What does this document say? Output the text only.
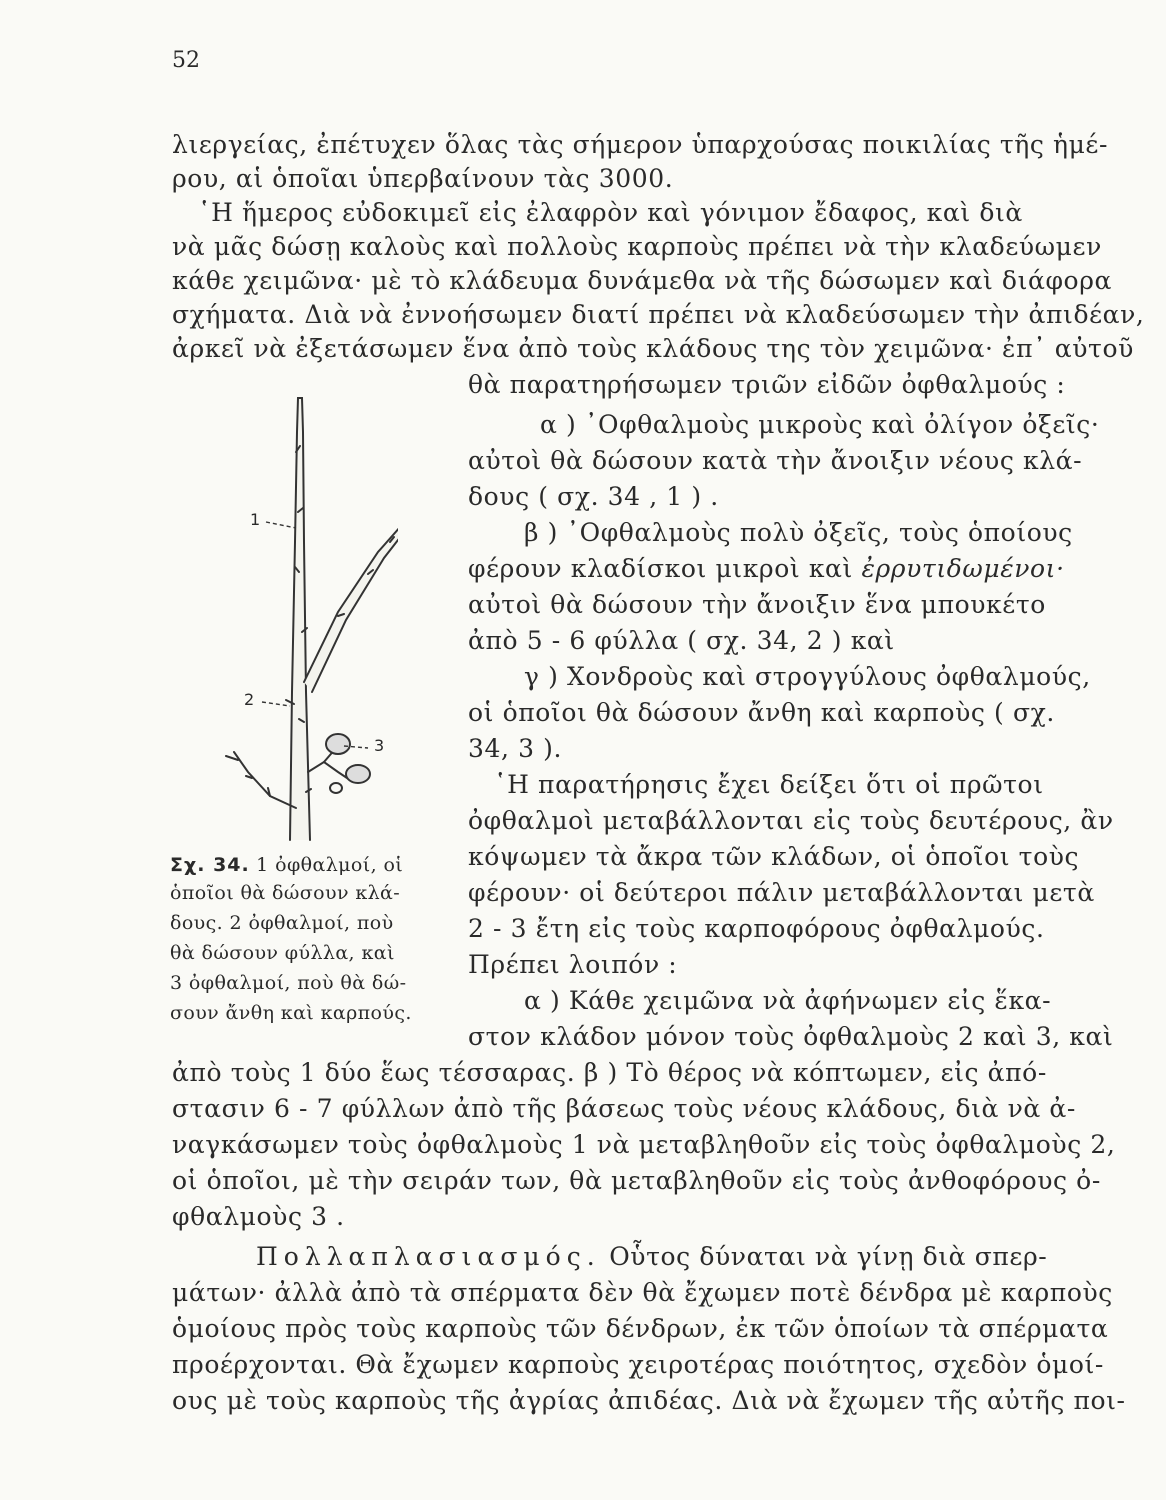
52
λιεργείας, ἐπέτυχεν ὅλας τὰς σήμερον ὑπαρχούσας ποικιλίας τῆς ἡμέ-
ρου, αἱ ὁποῖαι ὑπερβαίνουν τὰς 3000.
῾Η ἥμερος εὐδοκιμεῖ εἰς ἐλαφρὸν καὶ γόνιμον ἔδαφος, καὶ διὰ
νὰ μᾶς δώσῃ καλοὺς καὶ πολλοὺς καρποὺς πρέπει νὰ τὴν κλαδεύωμεν
κάθε χειμῶνα· μὲ τὸ κλάδευμα δυνάμεθα νὰ τῆς δώσωμεν καὶ διάφορα
σχήματα. Διὰ νὰ ἐννοήσωμεν διατί πρέπει νὰ κλαδεύσωμεν τὴν ἀπιδέαν,
ἀρκεῖ νὰ ἐξετάσωμεν ἕνα ἀπὸ τοὺς κλάδους της τὸν χειμῶνα· ἐπ᾽ αὐτοῦ
θὰ παρατηρήσωμεν τριῶν εἰδῶν ὀφθαλμούς :
α ) ᾿Οφθαλμοὺς μικροὺς καὶ ὀλίγον ὀξεῖς·
αὐτοὶ θὰ δώσουν κατὰ τὴν ἄνοιξιν νέους κλά-
δους ( σχ. 34 , 1 ) .
β ) ᾿Οφθαλμοὺς πολὺ ὀξεῖς, τοὺς ὁποίους
φέρουν κλαδίσκοι μικροὶ καὶ ἐρρυτιδωμένοι·
αὐτοὶ θὰ δώσουν τὴν ἄνοιξιν ἕνα μπουκέτο
ἀπὸ 5 - 6 φύλλα ( σχ. 34, 2 ) καὶ
γ ) Χονδροὺς καὶ στρογγύλους ὀφθαλμούς,
οἱ ὁποῖοι θὰ δώσουν ἄνθη καὶ καρποὺς ( σχ.
34, 3 ).
῾Η παρατήρησις ἔχει δείξει ὅτι οἱ πρῶτοι
ὀφθαλμοὶ μεταβάλλονται εἰς τοὺς δευτέρους, ἂν
κόψωμεν τὰ ἄκρα τῶν κλάδων, οἱ ὁποῖοι τοὺς
φέρουν· οἱ δεύτεροι πάλιν μεταβάλλονται μετὰ
2 - 3 ἔτη εἰς τοὺς καρποφόρους ὀφθαλμούς.
Πρέπει λοιπόν :
α ) Κάθε χειμῶνα νὰ ἀφήνωμεν εἰς ἕκα-
στον κλάδον μόνον τοὺς ὀφθαλμοὺς 2 καὶ 3, καὶ
1
2
3
Σχ. 34. 1 ὀφθαλμοί, οἱ
ὁποῖοι θὰ δώσουν κλά-
δους. 2 ὀφθαλμοί, ποὺ
θὰ δώσουν φύλλα, καὶ
3 ὀφθαλμοί, ποὺ θὰ δώ-
σουν ἄνθη καὶ καρπούς.
ἀπὸ τοὺς 1 δύο ἕως τέσσαρας. β ) Τὸ θέρος νὰ κόπτωμεν, εἰς ἀπό-
στασιν 6 - 7 φύλλων ἀπὸ τῆς βάσεως τοὺς νέους κλάδους, διὰ νὰ ἀ-
ναγκάσωμεν τοὺς ὀφθαλμοὺς 1 νὰ μεταβληθοῦν εἰς τοὺς ὀφθαλμοὺς 2,
οἱ ὁποῖοι, μὲ τὴν σειράν των, θὰ μεταβληθοῦν εἰς τοὺς ἀνθοφόρους ὀ-
φθαλμοὺς 3 .
Πολλαπλασιασμός. Οὗτος δύναται νὰ γίνῃ διὰ σπερ-
μάτων· ἀλλὰ ἀπὸ τὰ σπέρματα δὲν θὰ ἔχωμεν ποτὲ δένδρα μὲ καρποὺς
ὁμοίους πρὸς τοὺς καρποὺς τῶν δένδρων, ἐκ τῶν ὁποίων τὰ σπέρματα
προέρχονται. Θὰ ἔχωμεν καρποὺς χειροτέρας ποιότητος, σχεδὸν ὁμοί-
ους μὲ τοὺς καρποὺς τῆς ἀγρίας ἀπιδέας. Διὰ νὰ ἔχωμεν τῆς αὐτῆς ποι-
